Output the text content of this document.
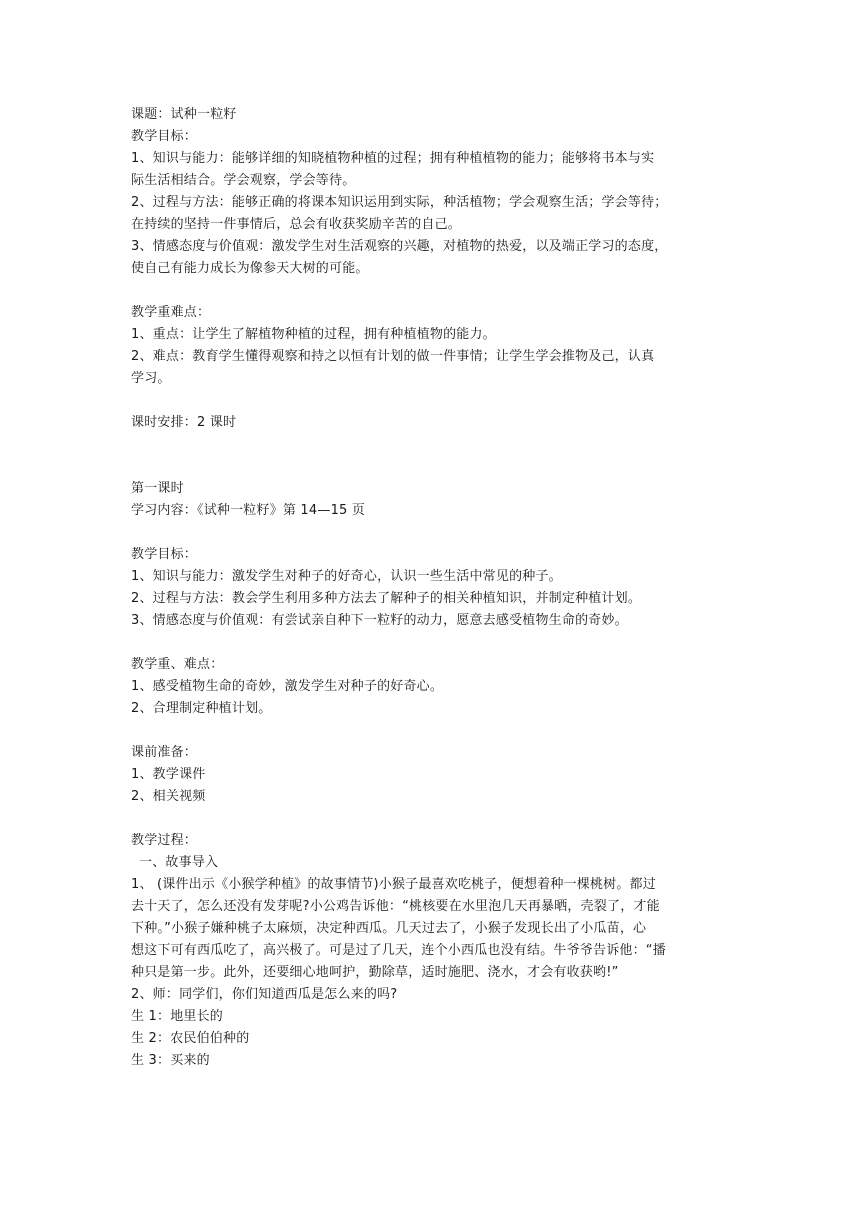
课题：试种一粒籽
教学目标：
1、知识与能力：能够详细的知晓植物种植的过程；拥有种植植物的能力；能够将书本与实
际生活相结合。学会观察，学会等待。
2、过程与方法：能够正确的将课本知识运用到实际，种活植物；学会观察生活；学会等待；
在持续的坚持一件事情后，总会有收获奖励辛苦的自己。
3、情感态度与价值观：激发学生对生活观察的兴趣，对植物的热爱，以及端正学习的态度，
使自己有能力成长为像参天大树的可能。
教学重难点：
1、重点：让学生了解植物种植的过程，拥有种植植物的能力。
2、难点：教育学生懂得观察和持之以恒有计划的做一件事情；让学生学会推物及己，认真
学习。
课时安排：2 课时
第一课时
学习内容：《试种一粒籽》第 14—15 页
教学目标：
1、知识与能力：激发学生对种子的好奇心，认识一些生活中常见的种子。
2、过程与方法：教会学生利用多种方法去了解种子的相关种植知识，并制定种植计划。
3、情感态度与价值观：有尝试亲自种下一粒籽的动力，愿意去感受植物生命的奇妙。
教学重、难点：
1、感受植物生命的奇妙，激发学生对种子的好奇心。
2、合理制定种植计划。
课前准备：
1、教学课件
2、相关视频
教学过程：
一、故事导入
1、 (课件出示《小猴学种植》的故事情节)小猴子最喜欢吃桃子，便想着种一棵桃树。都过
去十天了，怎么还没有发芽呢?小公鸡告诉他：“桃核要在水里泡几天再暴晒，壳裂了，才能
下种。”小猴子嫌种桃子太麻烦，决定种西瓜。几天过去了，小猴子发现长出了小瓜苗，心
想这下可有西瓜吃了，高兴极了。可是过了几天，连个小西瓜也没有结。牛爷爷告诉他：“播
种只是第一步。此外，还要细心地呵护，勤除草，适时施肥、浇水，才会有收获哟!”
2、师：同学们，你们知道西瓜是怎么来的吗?
生 1：地里长的
生 2：农民伯伯种的
生 3：买来的
